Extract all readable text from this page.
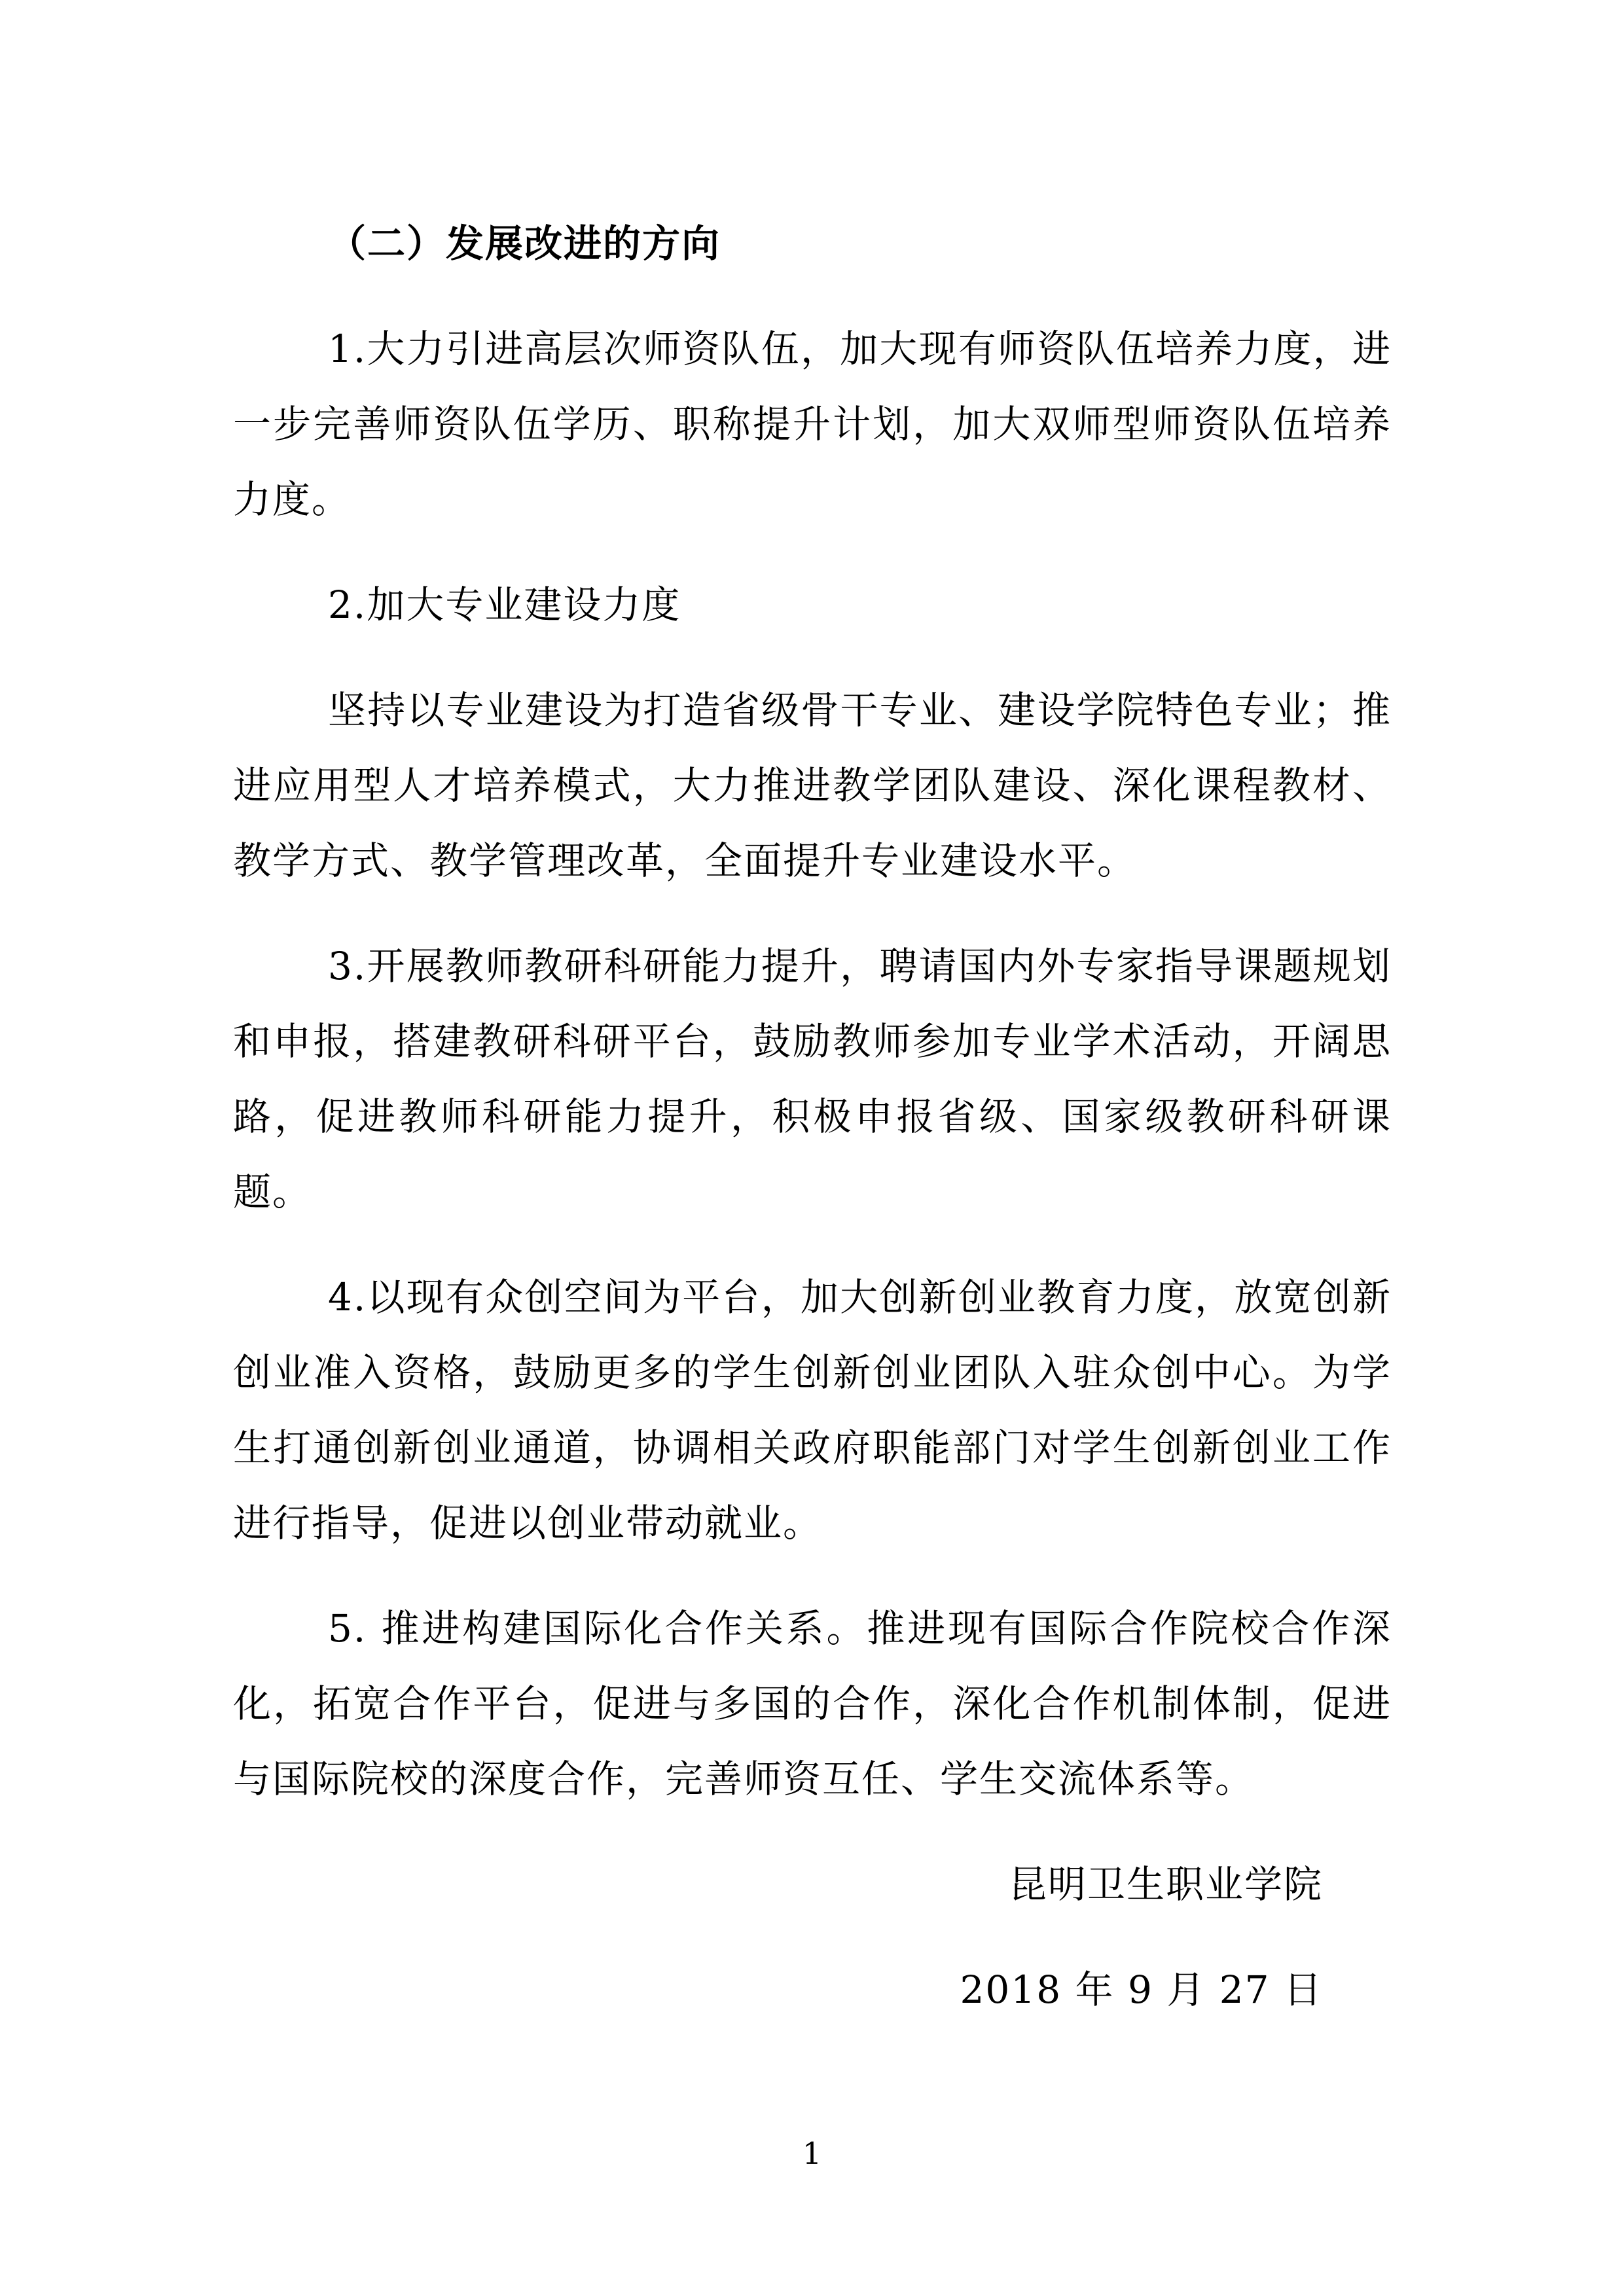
（二）发展改进的方向

1.大力引进高层次师资队伍，加大现有师资队伍培养力度，进一步完善师资队伍学历、职称提升计划，加大双师型师资队伍培养力度。

2.加大专业建设力度

坚持以专业建设为打造省级骨干专业、建设学院特色专业；推进应用型人才培养模式，大力推进教学团队建设、深化课程教材、教学方式、教学管理改革，全面提升专业建设水平。

3.开展教师教研科研能力提升，聘请国内外专家指导课题规划和申报，搭建教研科研平台，鼓励教师参加专业学术活动，开阔思路，促进教师科研能力提升，积极申报省级、国家级教研科研课题。

4.以现有众创空间为平台，加大创新创业教育力度，放宽创新创业准入资格，鼓励更多的学生创新创业团队入驻众创中心。为学生打通创新创业通道，协调相关政府职能部门对学生创新创业工作进行指导，促进以创业带动就业。

5. 推进构建国际化合作关系。推进现有国际合作院校合作深化，拓宽合作平台，促进与多国的合作，深化合作机制体制，促进与国际院校的深度合作，完善师资互任、学生交流体系等。

昆明卫生职业学院

2018 年 9 月 27 日

1
